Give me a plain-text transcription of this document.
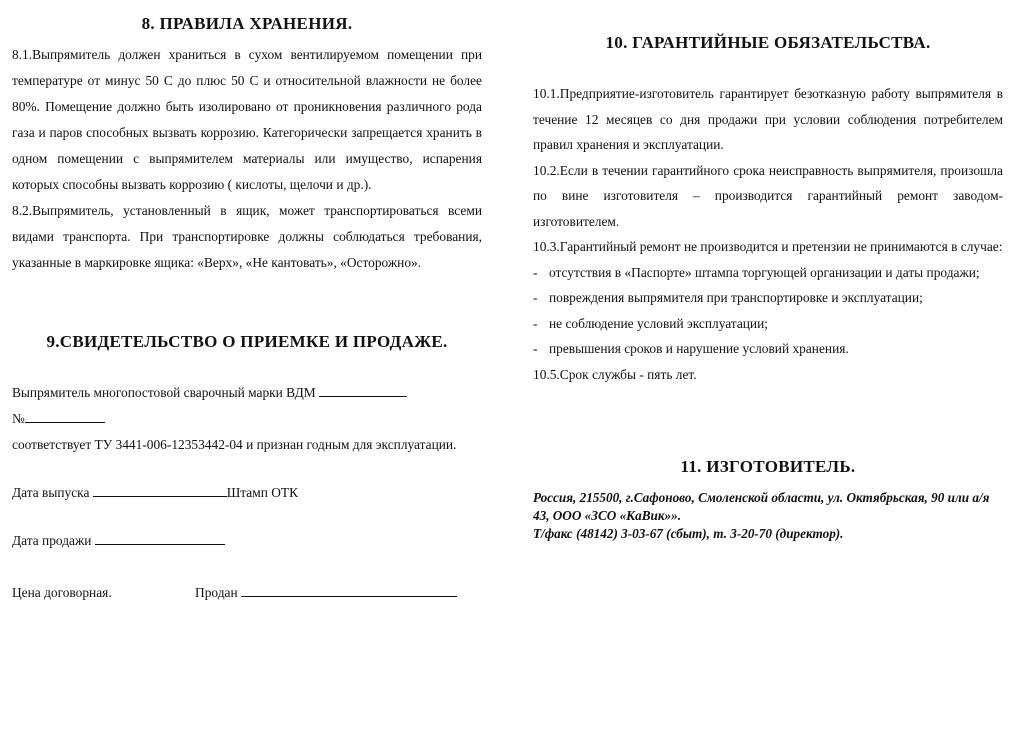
8. ПРАВИЛА ХРАНЕНИЯ.

8.1.Выпрямитель должен храниться в сухом вентилируемом помещении при температуре от минус 50 С до плюс 50 С и относительной влажности не более 80%. Помещение должно быть изолировано от проникновения различного рода газа и паров способных вызвать коррозию. Категорически запрещается хранить в одном помещении с выпрямителем материалы или имущество, испарения которых способны вызвать коррозию ( кислоты, щелочи и др.).

8.2.Выпрямитель, установленный в ящик, может транспортироваться всеми видами транспорта. При транспортировке должны соблюдаться требования, указанные в маркировке ящика: «Верх», «Не кантовать», «Осторожно».

9.СВИДЕТЕЛЬСТВО О ПРИЕМКЕ И ПРОДАЖЕ.

Выпрямитель многопостовой сварочный марки ВДМ

№

соответствует ТУ 3441-006-12353442-04 и признан годным для эксплуатации.

Дата выпуска	Штамп ОТК

Дата продажи

Цена договорная.	Продан

10. ГАРАНТИЙНЫЕ ОБЯЗАТЕЛЬСТВА.

10.1.Предприятие-изготовитель гарантирует безотказную работу выпрямителя в течение 12 месяцев со дня продажи при условии соблюдения потребителем правил хранения и эксплуатации.

10.2.Если в течении гарантийного срока неисправность выпрямителя, произошла по вине изготовителя – производится гарантийный ремонт заводом-изготовителем.

10.3.Гарантийный ремонт не производится и претензии не принимаются в случае:

- отсутствия в «Паспорте» штампа торгующей организации и даты продажи;
- повреждения выпрямителя при транспортировке и эксплуатации;
- не соблюдение условий эксплуатации;
- превышения сроков и нарушение условий хранения.

10.5.Срок службы - пять лет.

11. ИЗГОТОВИТЕЛЬ.

Россия, 215500, г.Сафоново, Смоленской области, ул. Октябрьская, 90 или а/я 43, ООО «ЗСО «КаВик»».

Т/факс (48142) 3-03-67 (сбыт), т. 3-20-70 (директор).
